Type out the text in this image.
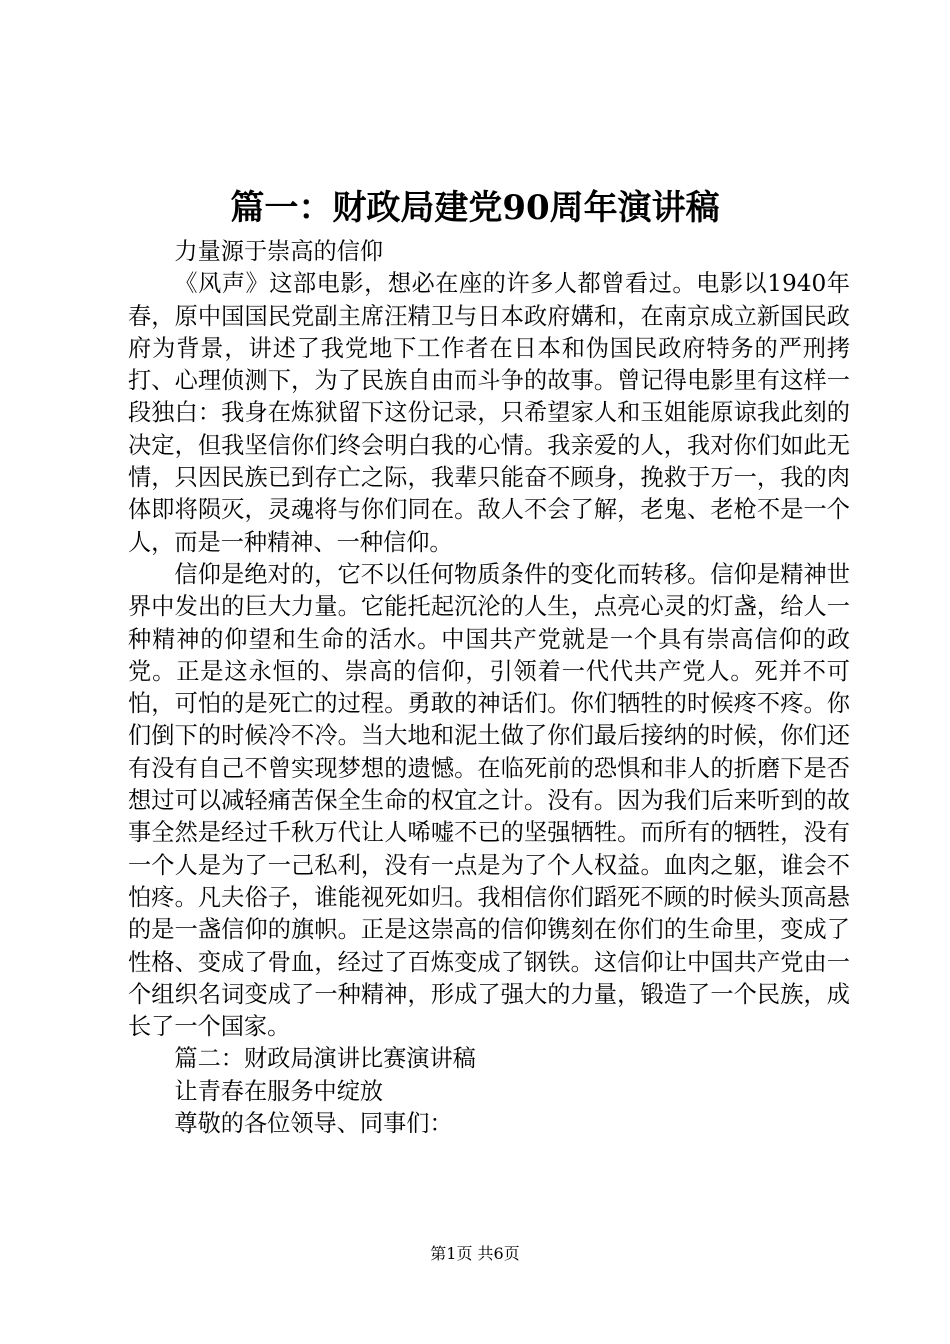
篇一：财政局建党90周年演讲稿

力量源于崇高的信仰

《风声》这部电影，想必在座的许多人都曾看过。电影以1940年春，原中国国民党副主席汪精卫与日本政府媾和，在南京成立新国民政府为背景，讲述了我党地下工作者在日本和伪国民政府特务的严刑拷打、心理侦测下，为了民族自由而斗争的故事。曾记得电影里有这样一段独白：我身在炼狱留下这份记录，只希望家人和玉姐能原谅我此刻的决定，但我坚信你们终会明白我的心情。我亲爱的人，我对你们如此无情，只因民族已到存亡之际，我辈只能奋不顾身，挽救于万一，我的肉体即将陨灭，灵魂将与你们同在。敌人不会了解，老鬼、老枪不是一个人，而是一种精神、一种信仰。

信仰是绝对的，它不以任何物质条件的变化而转移。信仰是精神世界中发出的巨大力量。它能托起沉沦的人生，点亮心灵的灯盏，给人一种精神的仰望和生命的活水。中国共产党就是一个具有崇高信仰的政党。正是这永恒的、崇高的信仰，引领着一代代共产党人。死并不可怕，可怕的是死亡的过程。勇敢的神话们。你们牺牲的时候疼不疼。你们倒下的时候冷不冷。当大地和泥土做了你们最后接纳的时候，你们还有没有自己不曾实现梦想的遗憾。在临死前的恐惧和非人的折磨下是否想过可以减轻痛苦保全生命的权宜之计。没有。因为我们后来听到的故事全然是经过千秋万代让人唏嘘不已的坚强牺牲。而所有的牺牲，没有一个人是为了一己私利，没有一点是为了个人权益。血肉之躯，谁会不怕疼。凡夫俗子，谁能视死如归。我相信你们蹈死不顾的时候头顶高悬的是一盏信仰的旗帜。正是这崇高的信仰镌刻在你们的生命里，变成了性格、变成了骨血，经过了百炼变成了钢铁。这信仰让中国共产党由一个组织名词变成了一种精神，形成了强大的力量，锻造了一个民族，成长了一个国家。

篇二：财政局演讲比赛演讲稿

让青春在服务中绽放

尊敬的各位领导、同事们：

第1页 共6页
